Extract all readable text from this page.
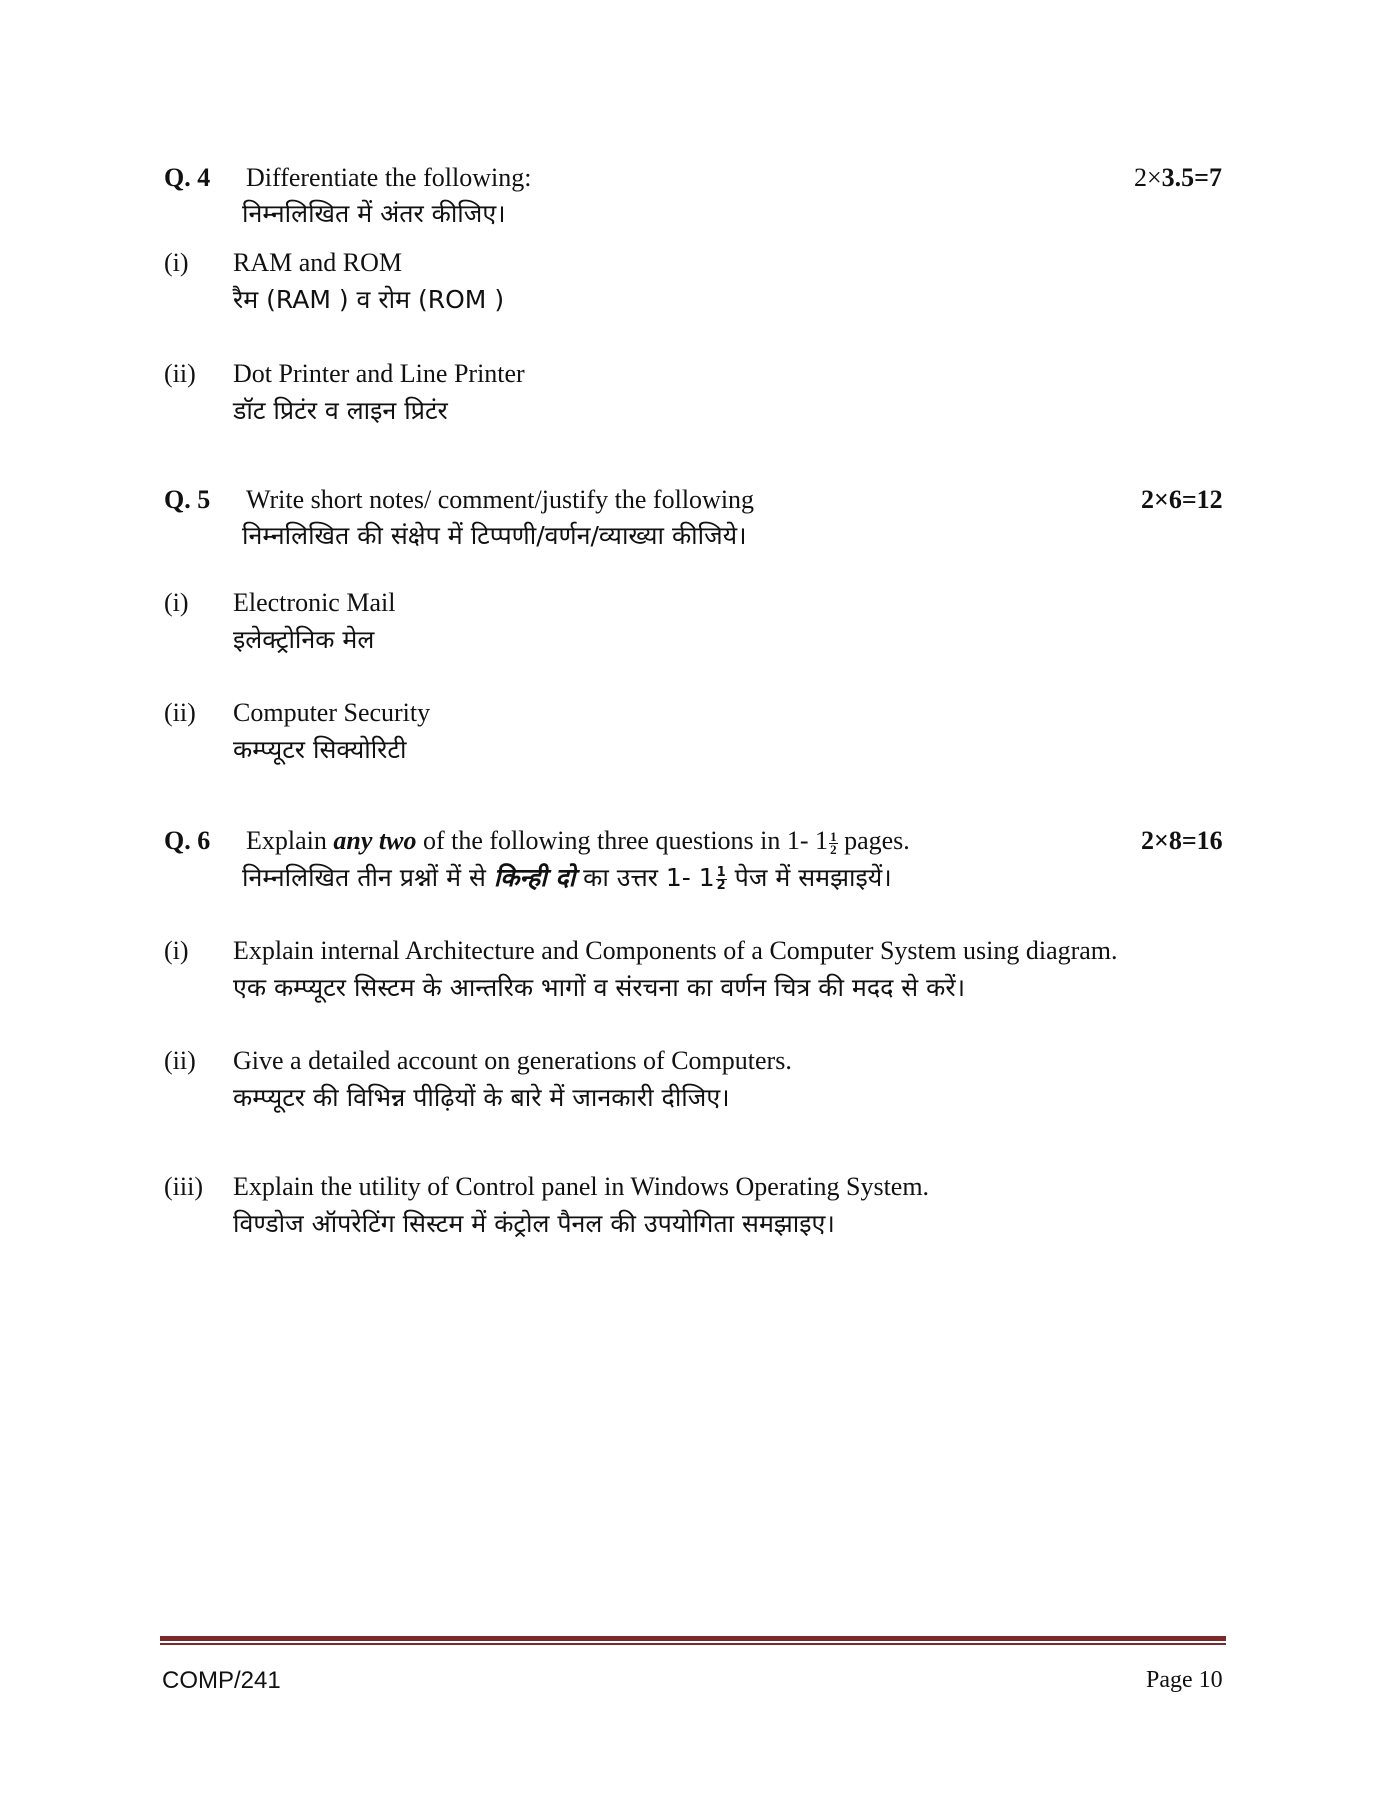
Q. 4 Differentiate the following:
निम्नलिखित में अंतर कीजिए।
2×3.5=7
(i) RAM and ROM
रैम (RAM ) व रोम (ROM )
(ii) Dot Printer and Line Printer
डॉट प्रिटंर व लाइन प्रिटंर
Q. 5 Write short notes/ comment/justify the following
निम्नलिखित की संक्षेप में टिप्पणी/वर्णन/व्याख्या कीजिये।
2×6=12
(i) Electronic Mail
इलेक्ट्रोनिक मेल
(ii) Computer Security
कम्प्यूटर सिक्योरिटी
Q. 6 Explain any two of the following three questions in 1- $1 \frac{1}{2}$ pages.
निम्नलिखित तीन प्रश्नों में से किन्ही दो का उत्तर 1- $1 \frac{1}{2}$ पेज में समझाइयें।
2×8=16
(i) Explain internal Architecture and Components of a Computer System using diagram.
एक कम्प्यूटर सिस्टम के आन्तरिक भागों व संरचना का वर्णन चित्र की मदद से करें।
(ii) Give a detailed account on generations of Computers.
कम्प्यूटर की विभिन्न पीढ़ियों के बारे में जानकारी दीजिए।
(iii) Explain the utility of Control panel in Windows Operating System.
विण्डोज ऑपरेटिंग सिस्टम में कंट्रोल पैनल की उपयोगिता समझाइए।
COMP/241	Page 10
